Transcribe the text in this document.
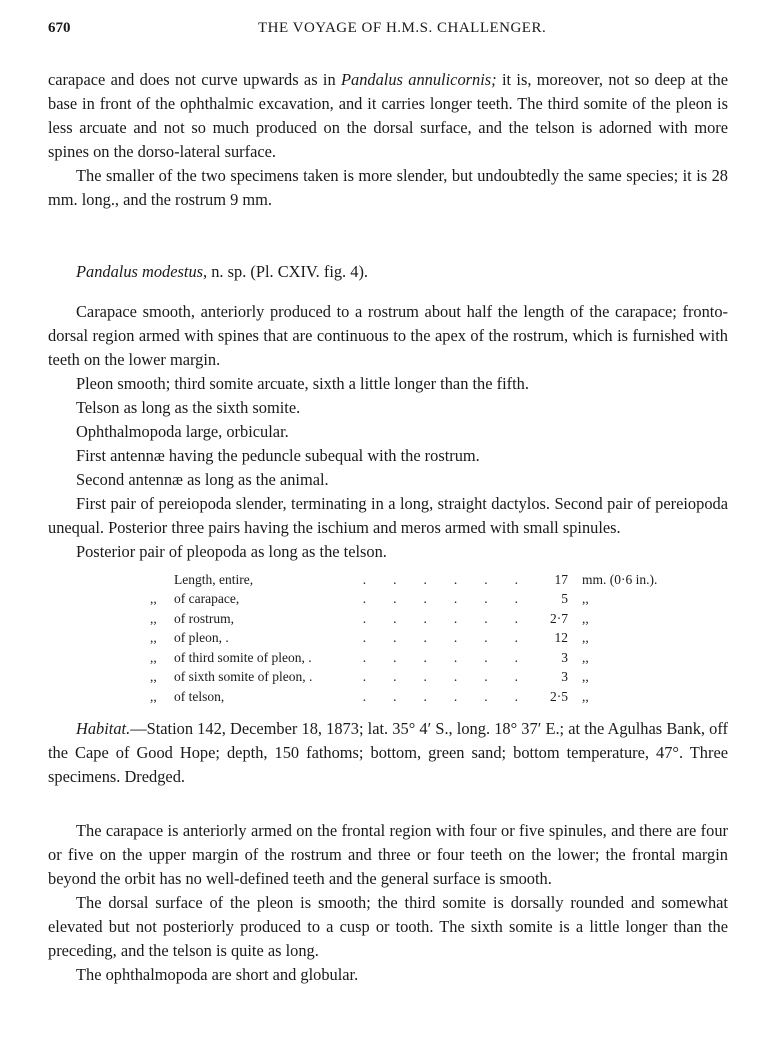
670	THE VOYAGE OF H.M.S. CHALLENGER.

carapace and does not curve upwards as in Pandalus annulicornis; it is, moreover, not so deep at the base in front of the ophthalmic excavation, and it carries longer teeth. The third somite of the pleon is less arcuate and not so much produced on the dorsal surface, and the telson is adorned with more spines on the dorso-lateral surface.

The smaller of the two specimens taken is more slender, but undoubtedly the same species; it is 28 mm. long., and the rostrum 9 mm.

Pandalus modestus, n. sp. (Pl. CXIV. fig. 4).

Carapace smooth, anteriorly produced to a rostrum about half the length of the carapace; fronto-dorsal region armed with spines that are continuous to the apex of the rostrum, which is furnished with teeth on the lower margin.

Pleon smooth; third somite arcuate, sixth a little longer than the fifth.

Telson as long as the sixth somite.

Ophthalmopoda large, orbicular.

First antennæ having the peduncle subequal with the rostrum.

Second antennæ as long as the animal.

First pair of pereiopoda slender, terminating in a long, straight dactylos. Second pair of pereiopoda unequal. Posterior three pairs having the ischium and meros armed with small spinules.

Posterior pair of pleopoda as long as the telson.

Length, entire,	.        .        .        .        .        .	17	mm. (0·6 in.).
,, of carapace,	.        .        .        .        .        .	5	,,
,, of rostrum,	.        .        .        .        .        .	2·7	,,
,, of pleon, .	.        .        .        .        .        .	12	,,
,, of third somite of pleon, .	.        .        .        .        .        .	3	,,
,, of sixth somite of pleon, .	.        .        .        .        .        .	3	,,
,, of telson,	.        .        .        .        .        .	2·5	,,

Habitat.—Station 142, December 18, 1873; lat. 35° 4′ S., long. 18° 37′ E.; at the Agulhas Bank, off the Cape of Good Hope; depth, 150 fathoms; bottom, green sand; bottom temperature, 47°. Three specimens. Dredged.

The carapace is anteriorly armed on the frontal region with four or five spinules, and there are four or five on the upper margin of the rostrum and three or four teeth on the lower; the frontal margin beyond the orbit has no well-defined teeth and the general surface is smooth.

The dorsal surface of the pleon is smooth; the third somite is dorsally rounded and somewhat elevated but not posteriorly produced to a cusp or tooth. The sixth somite is a little longer than the preceding, and the telson is quite as long.

The ophthalmopoda are short and globular.
